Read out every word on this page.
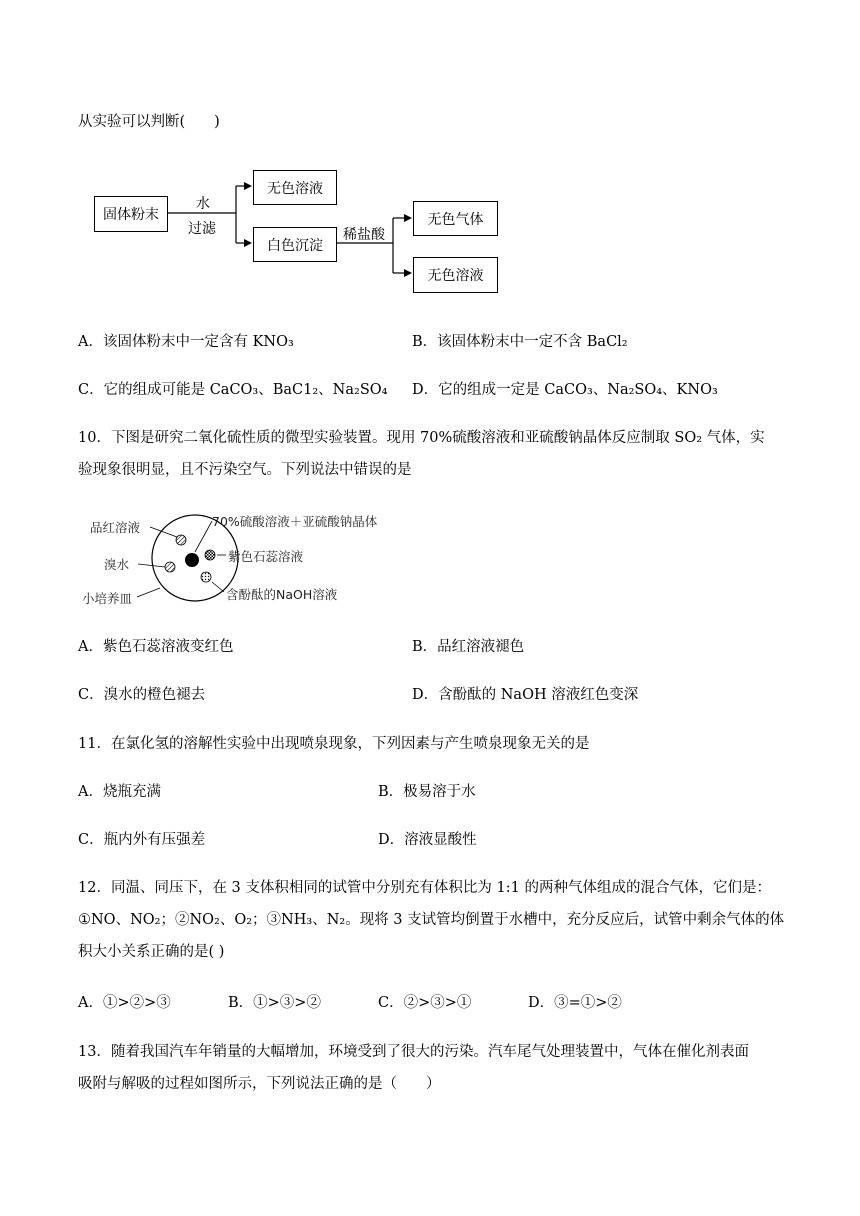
从实验可以判断(　　)
固体粉末
水
过滤
无色溶液
白色沉淀
稀盐酸
无色气体
无色溶液
A．该固体粉末中一定含有 KNO₃	B．该固体粉末中一定不含 BaCl₂
C．它的组成可能是 CaCO₃、BaC1₂、Na₂SO₄ D．它的组成一定是 CaCO₃、Na₂SO₄、KNO₃
10．下图是研究二氧化硫性质的微型实验装置。现用 70%硫酸溶液和亚硫酸钠晶体反应制取 SO₂ 气体，实
验现象很明显，且不污染空气。下列说法中错误的是
品红溶液
溴水
小培养皿
70%硫酸溶液＋亚硫酸钠晶体
紫色石蕊溶液
含酚酞的NaOH溶液
A．紫色石蕊溶液变红色	B．品红溶液褪色
C．溴水的橙色褪去	D．含酚酞的 NaOH 溶液红色变深
11．在氯化氢的溶解性实验中出现喷泉现象，下列因素与产生喷泉现象无关的是
A．烧瓶充满	B．极易溶于水
C．瓶内外有压强差	D．溶液显酸性
12．同温、同压下，在 3 支体积相同的试管中分别充有体积比为 1:1 的两种气体组成的混合气体，它们是：
①NO、NO₂；②NO₂、O₂；③NH₃、N₂。现将 3 支试管均倒置于水槽中，充分反应后，试管中剩余气体的体
积大小关系正确的是( )
A．①>②>③	B．①>③>②	C．②>③>①	D．③=①>②
13．随着我国汽车年销量的大幅增加，环境受到了很大的污染。汽车尾气处理装置中，气体在催化剂表面
吸附与解吸的过程如图所示，下列说法正确的是（　　）
